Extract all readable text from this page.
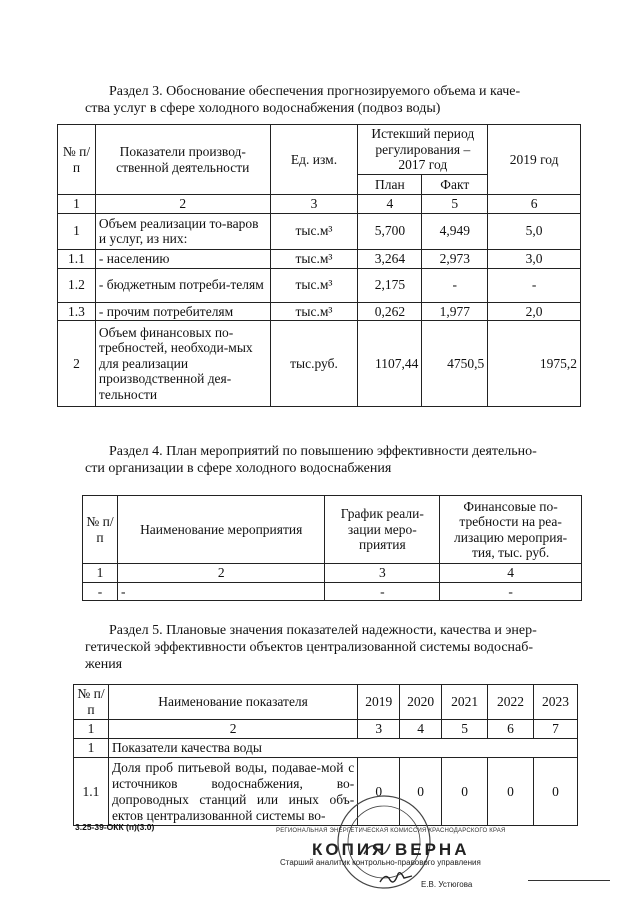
Раздел 3. Обоснование обеспечения прогнозируемого объема и каче-
ства услуг в сфере холодного водоснабжения (подвоз воды)

№ п/п	Показатели производ-ственной деятельности	Ед. изм.	Истекший период регулирования – 2017 год		2019 год
			План	Факт	
1	2	3	4	5	6
1	Объем реализации то-варов и услуг, из них:	тыс.м³	5,700	4,949	5,0
1.1	- населению	тыс.м³	3,264	2,973	3,0
1.2	- бюджетным потреби-телям	тыс.м³	2,175	-	-
1.3	- прочим потребителям	тыс.м³	0,262	1,977	2,0
2	Объем финансовых по-требностей, необходи-мых для реализации производственной дея-тельности	тыс.руб.	1107,44	4750,5	1975,2

Раздел 4. План мероприятий по повышению эффективности деятельно-
сти организации в сфере холодного водоснабжения

№ п/п	Наименование мероприятия	График реали-зации меро-приятия	Финансовые по-требности на реа-лизацию мероприя-тия, тыс. руб.
1	2	3	4
-	-	-	-

Раздел 5. Плановые значения показателей надежности, качества и энер-
гетической эффективности объектов централизованной системы водоснаб-
жения

№ п/п	Наименование показателя	2019	2020	2021	2022	2023
1	2	3	4	5	6	7
1	Показатели качества воды					
1.1	Доля проб питьевой воды, подавае-мой с источников водоснабжения, во-допроводных станций или иных объ-ектов централизованной системы во-	0	0	0	0	0
3.25-39-ОКК (п)(3.0)	РЕГИОНАЛЬНАЯ ЭНЕРГЕТИЧЕСКАЯ КОМИССИЯ КРАСНОДАРСКОГО КРАЯ
КОПИЯ ВЕРНА
Старший аналитик контрольно-правового управления
Е.В. Устюгова
